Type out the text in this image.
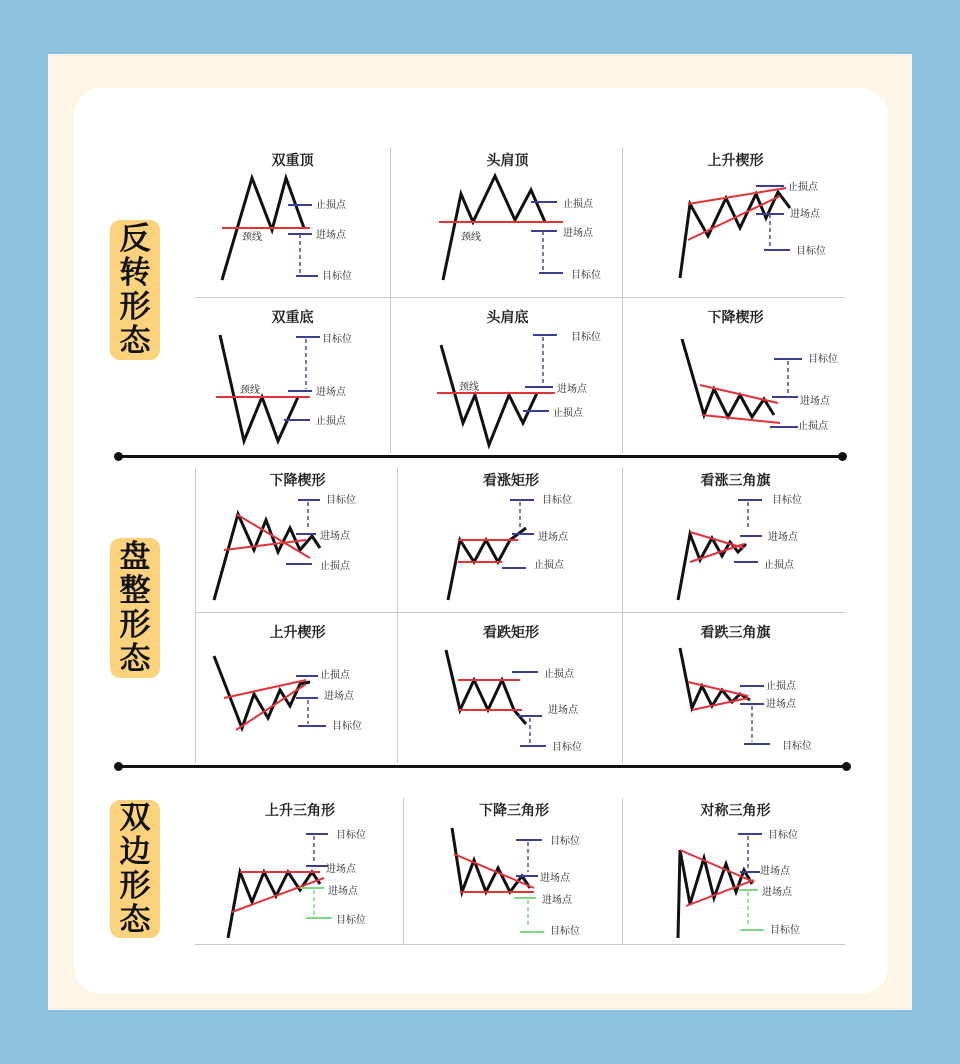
反
转
形
态
盘
整
形
态
双
边
形
态
双重顶
止损点
进场点
目标位
颈线
头肩顶
止损点
进场点
目标位
颈线
上升楔形
止损点
进场点
目标位
双重底
目标位
进场点
止损点
颈线
头肩底
目标位
进场点
止损点
颈线
下降楔形
目标位
进场点
止损点
下降楔形
目标位
进场点
止损点
看涨矩形
目标位
进场点
止损点
看涨三角旗
目标位
进场点
止损点
上升楔形
止损点
进场点
目标位
看跌矩形
止损点
进场点
目标位
看跌三角旗
止损点
进场点
目标位
上升三角形
目标位
进场点
进场点
目标位
下降三角形
目标位
进场点
进场点
目标位
对称三角形
目标位
进场点
进场点
目标位
